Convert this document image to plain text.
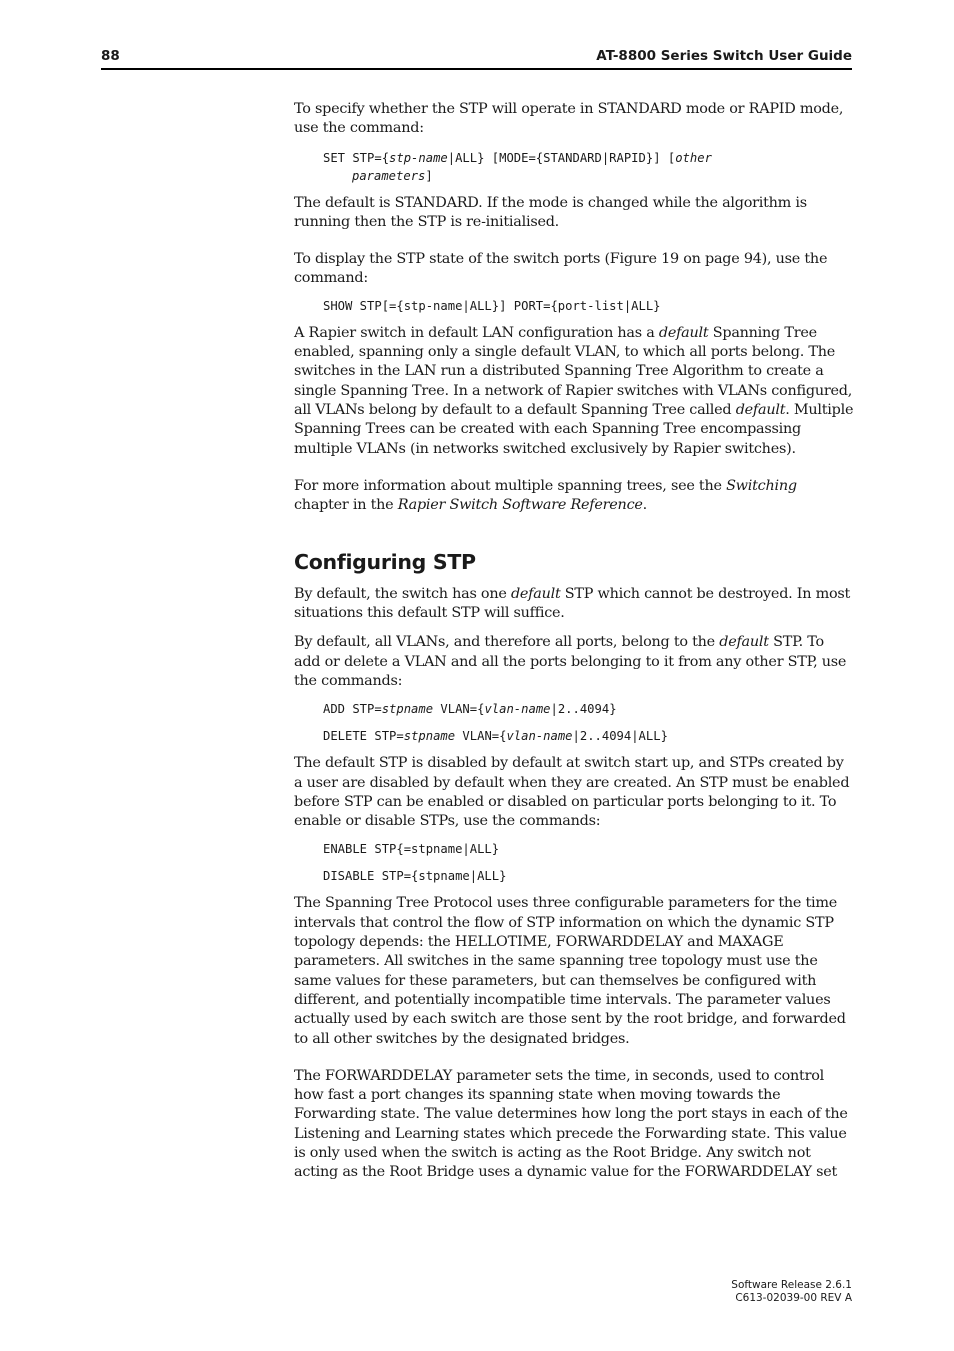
88	AT-8800 Series Switch User Guide

To specify whether the STP will operate in STANDARD mode or RAPID mode, use the command:

SET STP={stp-name|ALL} [MODE={STANDARD|RAPID}] [other
parameters]

The default is STANDARD. If the mode is changed while the algorithm is running then the STP is re-initialised.

To display the STP state of the switch ports (Figure 19 on page 94), use the command:

SHOW STP[={stp-name|ALL}] PORT={port-list|ALL}

A Rapier switch in default LAN configuration has a default Spanning Tree enabled, spanning only a single default VLAN, to which all ports belong. The switches in the LAN run a distributed Spanning Tree Algorithm to create a single Spanning Tree. In a network of Rapier switches with VLANs configured, all VLANs belong by default to a default Spanning Tree called default. Multiple Spanning Trees can be created with each Spanning Tree encompassing multiple VLANs (in networks switched exclusively by Rapier switches).

For more information about multiple spanning trees, see the Switching chapter in the Rapier Switch Software Reference.

Configuring STP

By default, the switch has one default STP which cannot be destroyed. In most situations this default STP will suffice.

By default, all VLANs, and therefore all ports, belong to the default STP. To add or delete a VLAN and all the ports belonging to it from any other STP, use the commands:

ADD STP=stpname VLAN={vlan-name|2..4094}
DELETE STP=stpname VLAN={vlan-name|2..4094|ALL}

The default STP is disabled by default at switch start up, and STPs created by a user are disabled by default when they are created. An STP must be enabled before STP can be enabled or disabled on particular ports belonging to it. To enable or disable STPs, use the commands:

ENABLE STP{=stpname|ALL}
DISABLE STP={stpname|ALL}

The Spanning Tree Protocol uses three configurable parameters for the time intervals that control the flow of STP information on which the dynamic STP topology depends: the HELLOTIME, FORWARDDELAY and MAXAGE parameters. All switches in the same spanning tree topology must use the same values for these parameters, but can themselves be configured with different, and potentially incompatible time intervals. The parameter values actually used by each switch are those sent by the root bridge, and forwarded to all other switches by the designated bridges.

The FORWARDDELAY parameter sets the time, in seconds, used to control how fast a port changes its spanning state when moving towards the Forwarding state. The value determines how long the port stays in each of the Listening and Learning states which precede the Forwarding state. This value is only used when the switch is acting as the Root Bridge. Any switch not acting as the Root Bridge uses a dynamic value for the FORWARDDELAY set

Software Release 2.6.1
C613-02039-00 REV A
